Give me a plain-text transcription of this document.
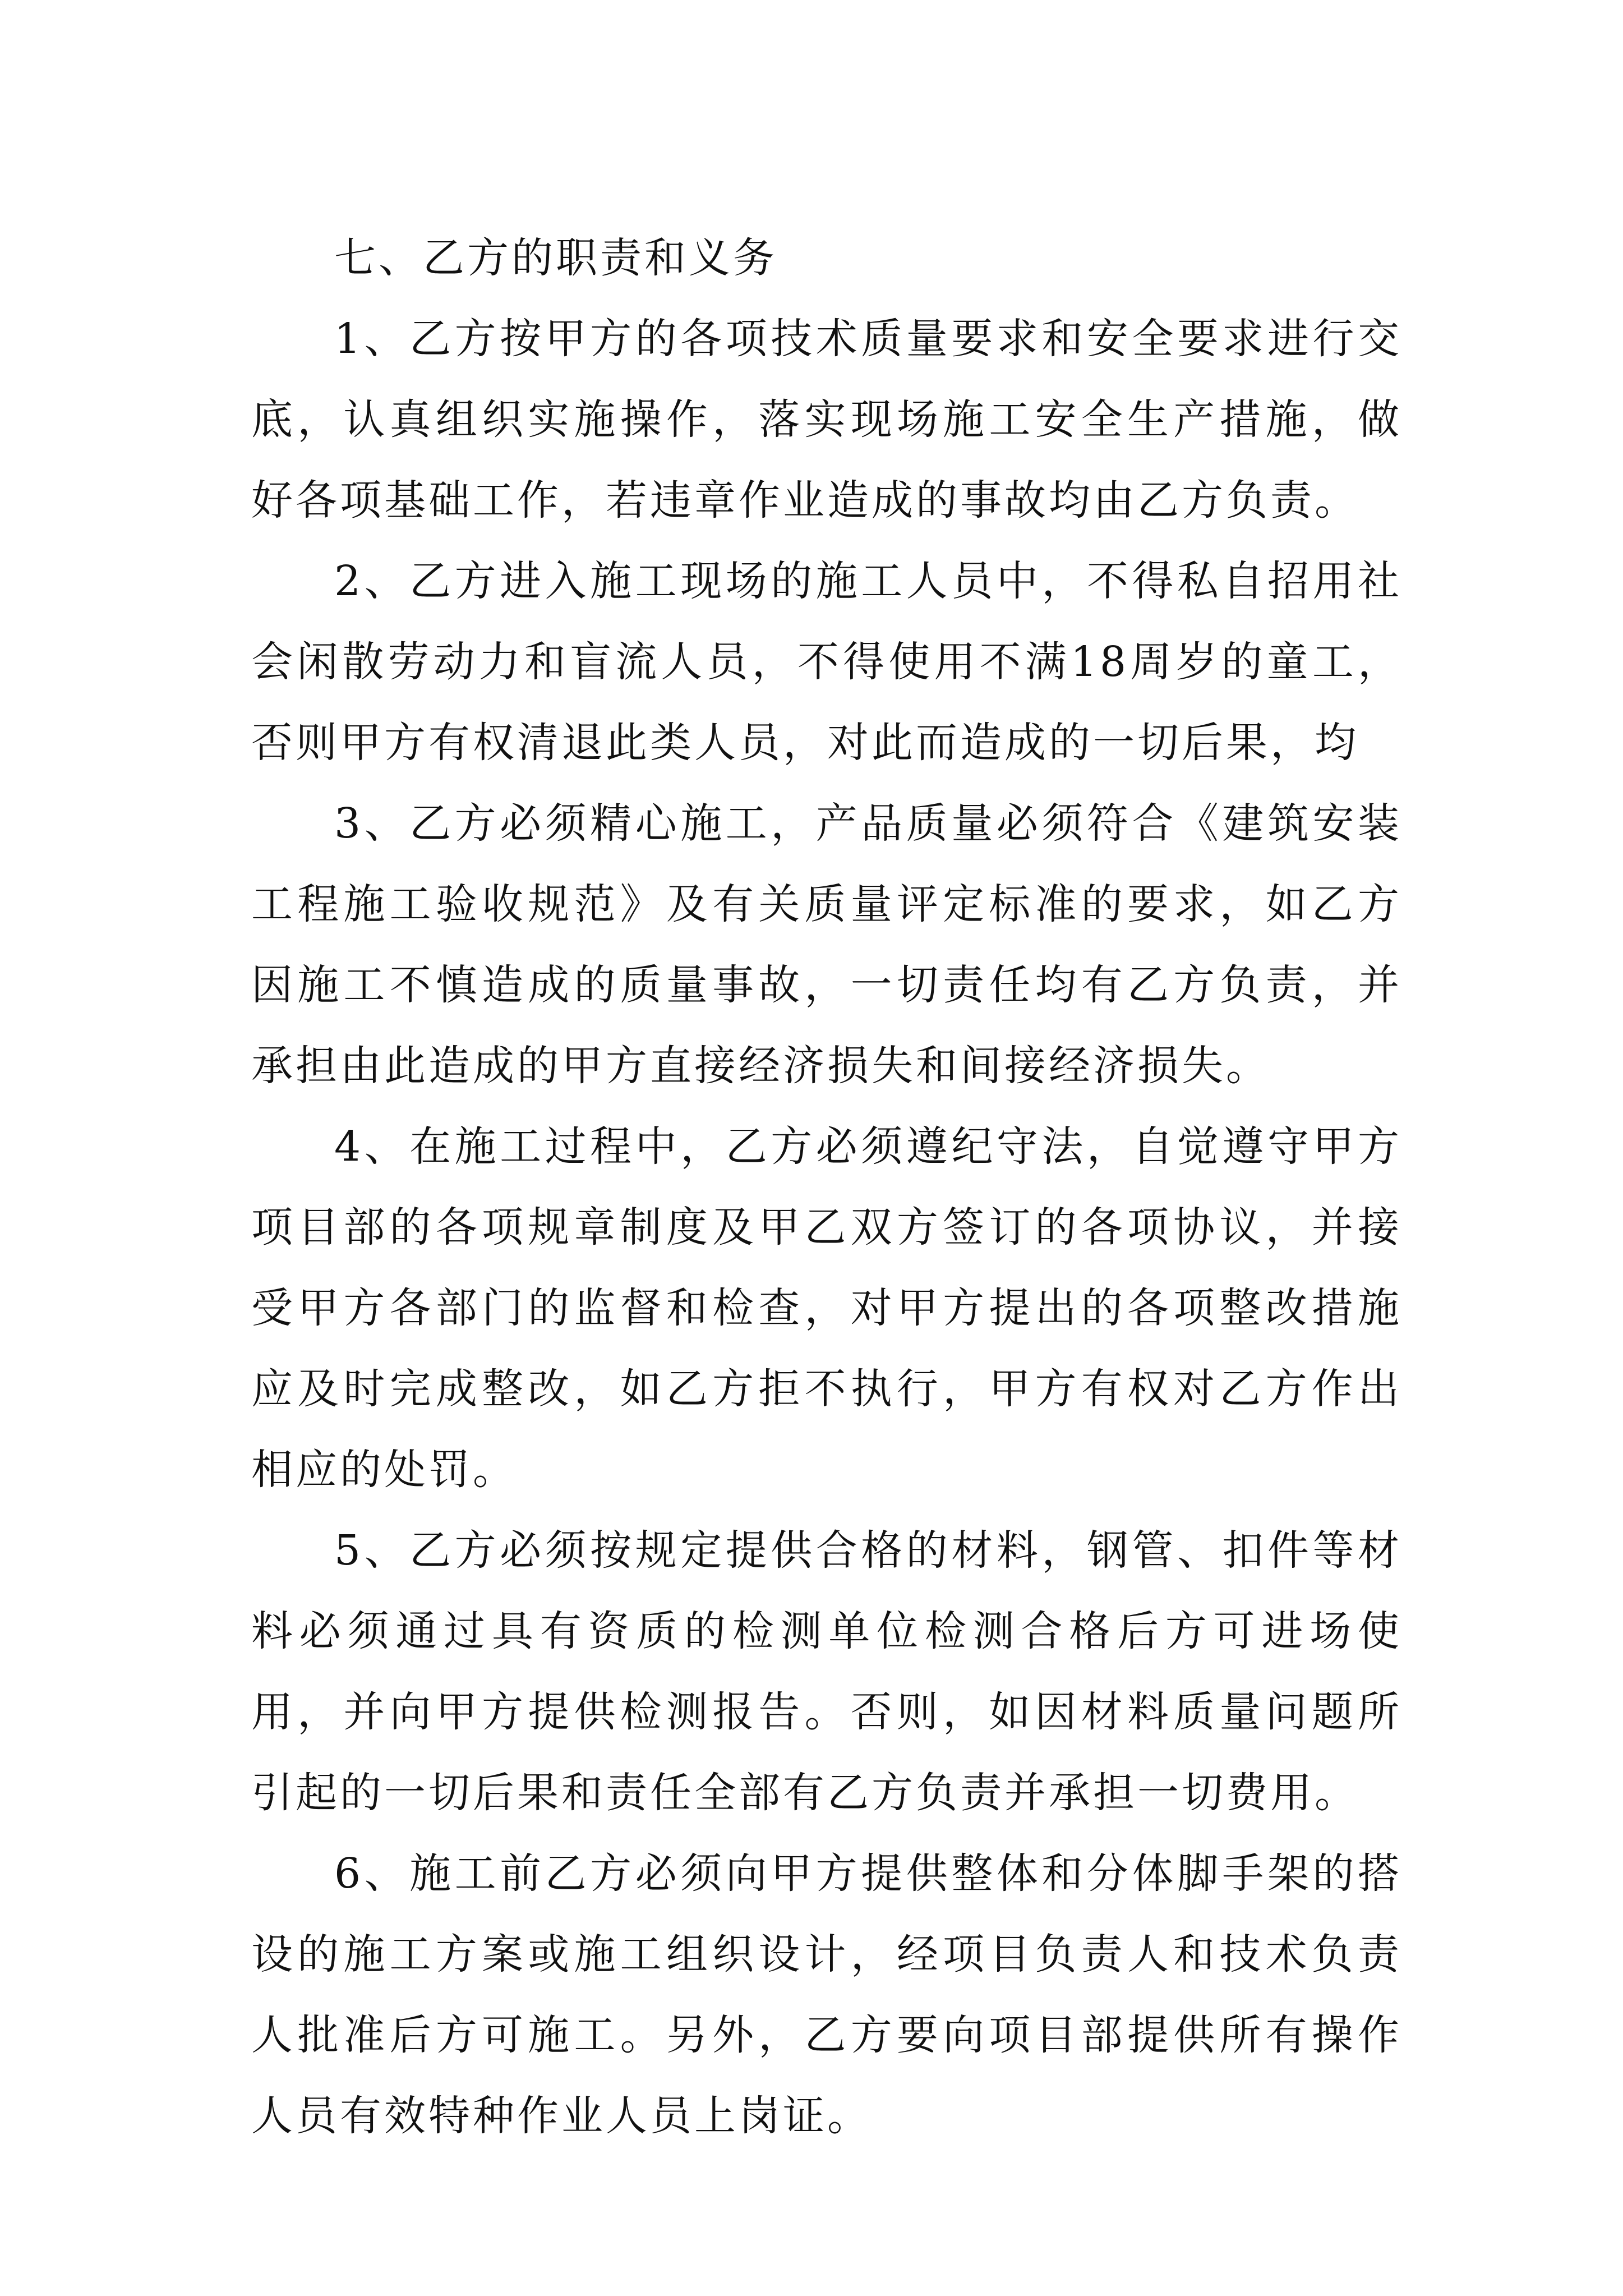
七、乙方的职责和义务

1、乙方按甲方的各项技术质量要求和安全要求进行交底，认真组织实施操作，落实现场施工安全生产措施，做好各项基础工作，若违章作业造成的事故均由乙方负责。

2、乙方进入施工现场的施工人员中，不得私自招用社会闲散劳动力和盲流人员，不得使用不满18周岁的童工，否则甲方有权清退此类人员，对此而造成的一切后果，均

3、乙方必须精心施工，产品质量必须符合《建筑安装工程施工验收规范》及有关质量评定标准的要求，如乙方因施工不慎造成的质量事故，一切责任均有乙方负责，并承担由此造成的甲方直接经济损失和间接经济损失。

4、在施工过程中，乙方必须遵纪守法，自觉遵守甲方项目部的各项规章制度及甲乙双方签订的各项协议，并接受甲方各部门的监督和检查，对甲方提出的各项整改措施应及时完成整改，如乙方拒不执行，甲方有权对乙方作出相应的处罚。

5、乙方必须按规定提供合格的材料，钢管、扣件等材料必须通过具有资质的检测单位检测合格后方可进场使用，并向甲方提供检测报告。否则，如因材料质量问题所引起的一切后果和责任全部有乙方负责并承担一切费用。

6、施工前乙方必须向甲方提供整体和分体脚手架的搭设的施工方案或施工组织设计，经项目负责人和技术负责人批准后方可施工。另外，乙方要向项目部提供所有操作人员有效特种作业人员上岗证。
